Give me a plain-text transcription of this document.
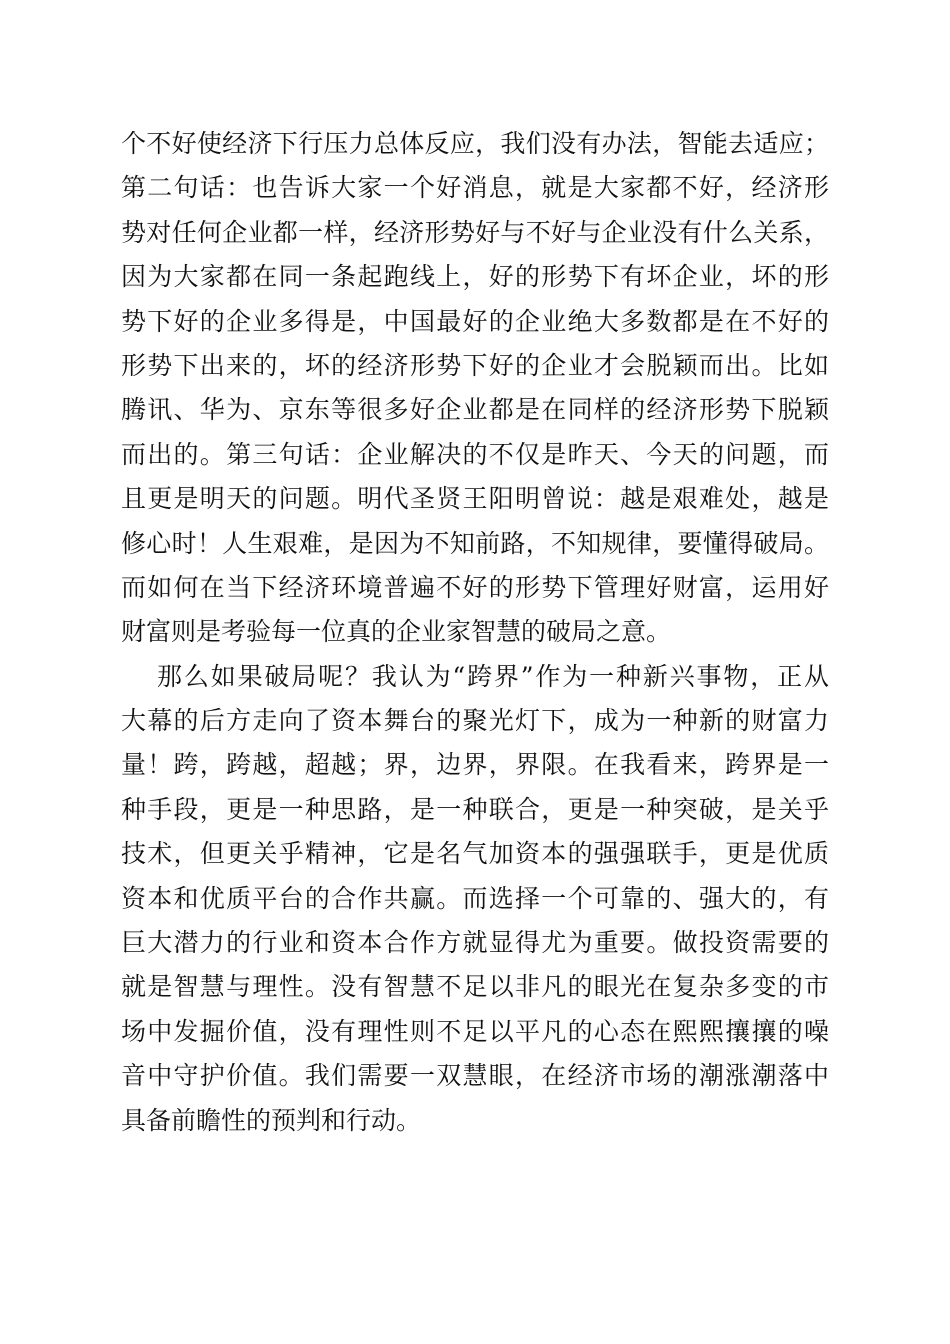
个不好使经济下行压力总体反应，我们没有办法，智能去适应；
第二句话：也告诉大家一个好消息，就是大家都不好，经济形
势对任何企业都一样，经济形势好与不好与企业没有什么关系，
因为大家都在同一条起跑线上，好的形势下有坏企业，坏的形
势下好的企业多得是，中国最好的企业绝大多数都是在不好的
形势下出来的，坏的经济形势下好的企业才会脱颖而出。比如
腾讯、华为、京东等很多好企业都是在同样的经济形势下脱颖
而出的。第三句话：企业解决的不仅是昨天、今天的问题，而
且更是明天的问题。明代圣贤王阳明曾说：越是艰难处，越是
修心时！人生艰难，是因为不知前路，不知规律，要懂得破局。
而如何在当下经济环境普遍不好的形势下管理好财富，运用好
财富则是考验每一位真的企业家智慧的破局之意。

那么如果破局呢？我认为“跨界”作为一种新兴事物，正从
大幕的后方走向了资本舞台的聚光灯下，成为一种新的财富力
量！跨，跨越，超越；界，边界，界限。在我看来，跨界是一
种手段，更是一种思路，是一种联合，更是一种突破，是关乎
技术，但更关乎精神，它是名气加资本的强强联手，更是优质
资本和优质平台的合作共赢。而选择一个可靠的、强大的，有
巨大潜力的行业和资本合作方就显得尤为重要。做投资需要的
就是智慧与理性。没有智慧不足以非凡的眼光在复杂多变的市
场中发掘价值，没有理性则不足以平凡的心态在熙熙攘攘的噪
音中守护价值。我们需要一双慧眼，在经济市场的潮涨潮落中
具备前瞻性的预判和行动。
